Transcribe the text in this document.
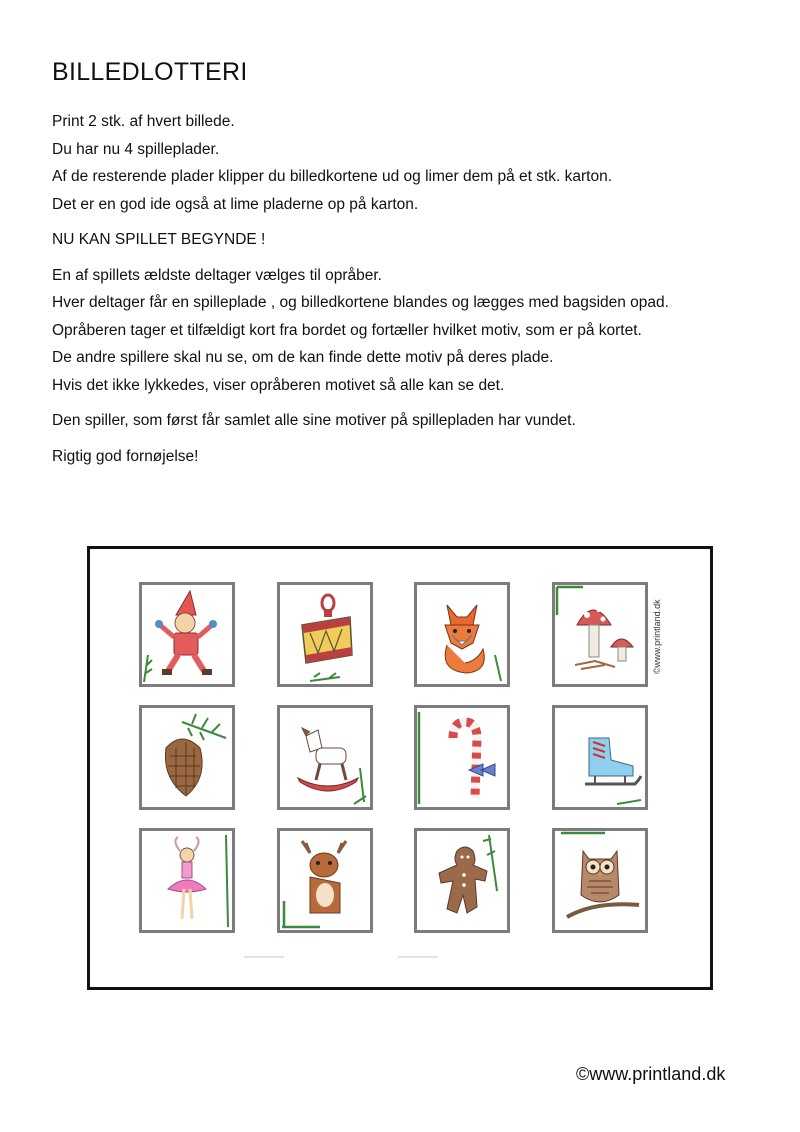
BILLEDLOTTERI

Print 2 stk. af hvert billede.
Du har nu 4 spilleplader.
Af de resterende plader klipper du billedkortene ud og limer dem på et stk. karton.
Det er en god ide også at lime pladerne op på karton.

NU KAN SPILLET BEGYNDE !

En af spillets ældste deltager vælges til opråber.
Hver deltager får en spilleplade , og billedkortene blandes og lægges med bagsiden opad.
Opråberen tager et tilfældigt kort fra bordet og fortæller hvilket motiv, som er på kortet.
De andre spillere skal nu se, om de kan finde dette motiv på deres plade.
Hvis det ikke lykkedes, viser opråberen motivet så alle kan se det.

Den spiller, som først får samlet alle sine motiver på spillepladen har vundet.

Rigtig god fornøjelse!

©www.printland.dk
©www.printland.dk
